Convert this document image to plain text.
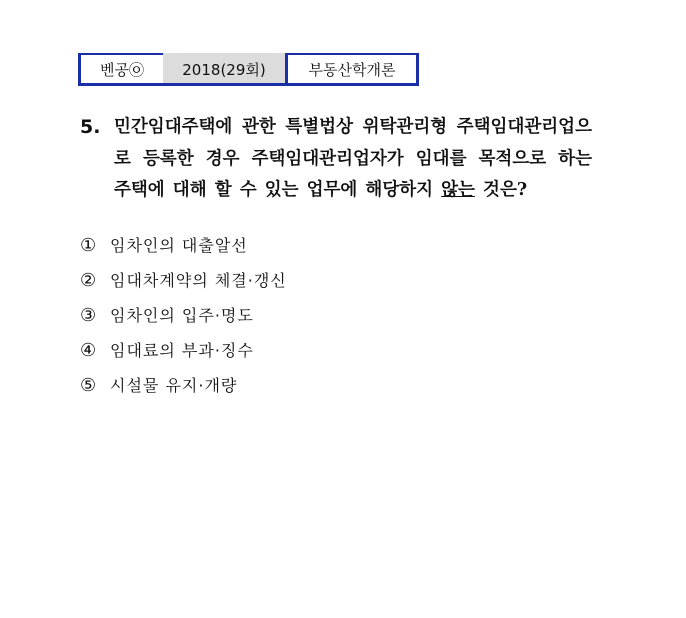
벤공㉧	2018(29회)	부동산학개론
5. 민간임대주택에 관한 특별법상 위탁관리형 주택임대관리업으로 등록한 경우 주택임대관리업자가 임대를 목적으로 하는 주택에 대해 할 수 있는 업무에 해당하지 않는 것은?
① 임차인의 대출알선
② 임대차계약의 체결·갱신
③ 임차인의 입주·명도
④ 임대료의 부과·징수
⑤ 시설물 유지·개량
